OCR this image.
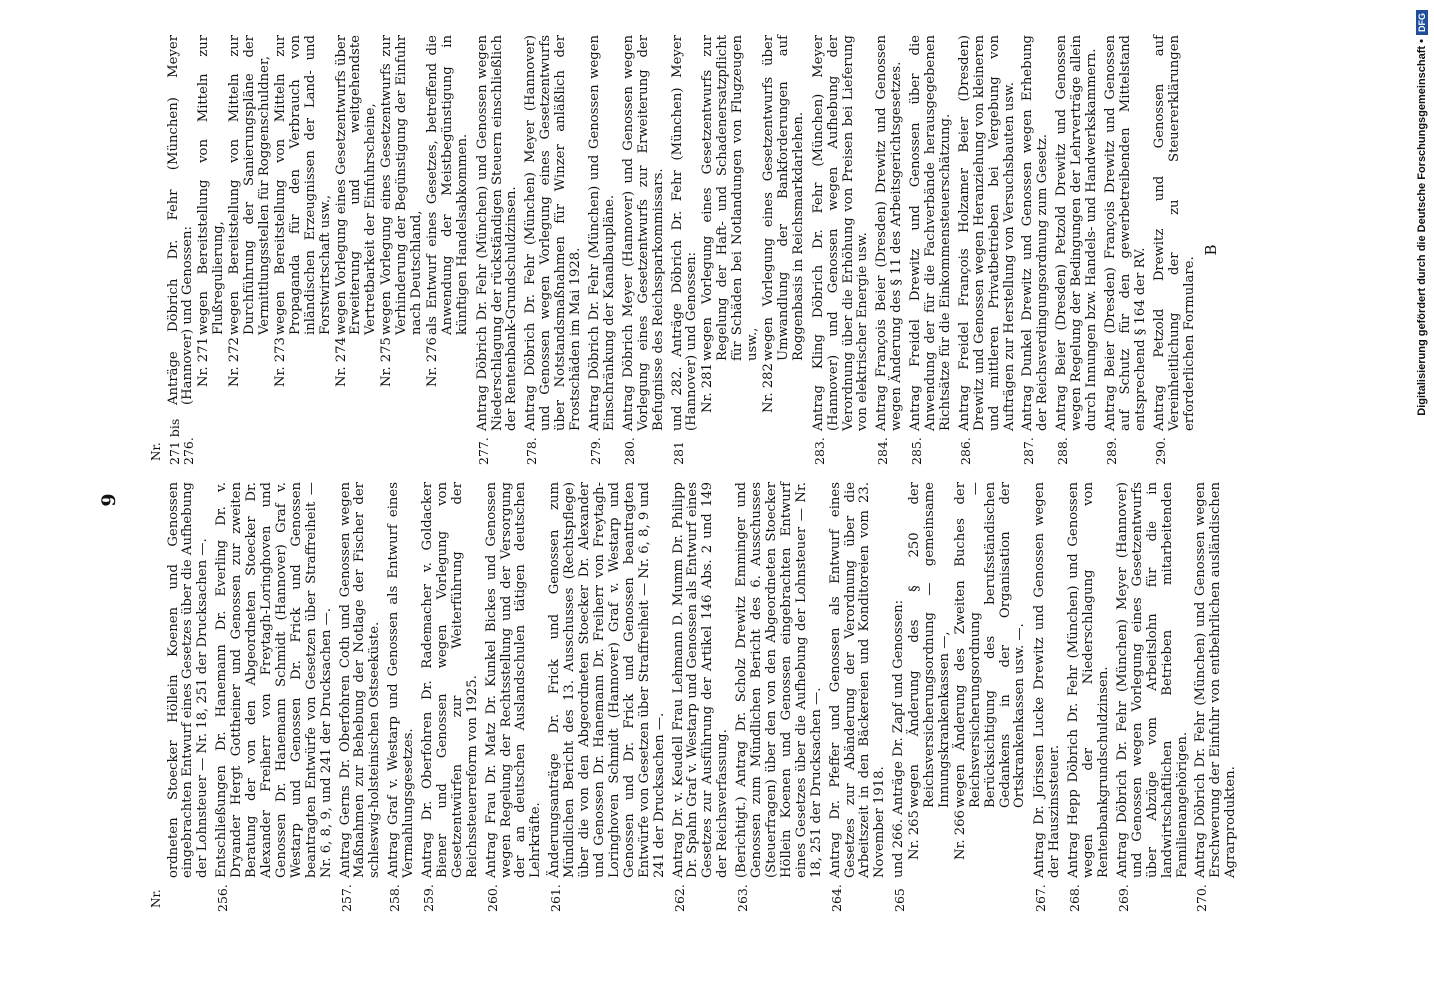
9
Nr.
ordneten Stoecker Höllein Koenen und Genossen eingebrachten Entwurf eines Gesetzes über die Aufhebung der Lohnsteuer — Nr. 18, 251 der Drucksachen —.
256.
Entschließungen Dr. Hanemann Dr. Everling Dr. v. Dryander Hergt Gottheiner und Genossen zur zweiten Beratung der von den Abgeordneten Stoecker Dr. Alexander Freiherr von Freytagh-Loringhoven und Genossen Dr. Hanemann Schmidt (Hannover) Graf v. Westarp und Genossen Dr. Frick und Genossen beantragten Entwürfe von Gesetzen über Straffreiheit — Nr. 6, 8, 9, und 241 der Drucksachen —.
257.
Antrag Gerns Dr. Oberfohren Coth und Genossen wegen Maßnahmen zur Behebung der Notlage der Fischer der schleswig-holsteinischen Ostseeküste.
258.
Antrag Graf v. Westarp und Genossen als Entwurf eines Vermahlungsgesetzes.
259.
Antrag Dr. Oberfohren Dr. Rademacher v. Goldacker Biener und Genossen wegen Vorlegung von Gesetzentwürfen zur Weiterführung der Reichssteuerreform von 1925.
260.
Antrag Frau Dr. Matz Dr. Kunkel Bickes und Genossen wegen Regelung der Rechtsstellung und der Versorgung der an deutschen Auslandschulen tätigen deutschen Lehrkräfte.
261.
Änderungsanträge Dr. Frick und Genossen zum Mündlichen Bericht des 13. Ausschusses (Rechtspflege) über die von den Abgeordneten Stoecker Dr. Alexander und Genossen Dr. Hanemann Dr. Freiherr von Freytagh-Loringhoven Schmidt (Hannover) Graf v. Westarp und Genossen und Dr. Frick und Genossen beantragten Entwürfe von Gesetzen über Straffreiheit — Nr. 6, 8, 9 und 241 der Drucksachen —.
262.
Antrag Dr. v. Keudell Frau Lehmann D. Mumm Dr. Philipp Dr. Spahn Graf v. Westarp und Genossen als Entwurf eines Gesetzes zur Ausführung der Artikel 146 Abs. 2 und 149 der Reichsverfassung.
263.
(Berichtigt.) Antrag Dr. Scholz Drewitz Emminger und Genossen zum Mündlichen Bericht des 6. Ausschusses (Steuerfragen) über den von den Abgeordneten Stoecker Höllein Koenen und Genossen eingebrachten Entwurf eines Gesetzes über die Aufhebung der Lohnsteuer — Nr. 18, 251 der Drucksachen —.
264.
Antrag Dr. Pfeffer und Genossen als Entwurf eines Gesetzes zur Abänderung der Verordnung über die Arbeitszeit in den Bäckereien und Konditoreien vom 23. November 1918.
265
und 266. Anträge Dr. Zapf und Genossen: Nr. 265
wegen Änderung des § 250 der Reichsversicherungsordnung — gemeinsame Innungskrankenkassen —,
Nr. 266
wegen Änderung des Zweiten Buches der Reichsversicherungsordnung — Berücksichtigung des berufsständischen Gedankens in der Organisation der Ortskrankenkassen usw. —.
267.
Antrag Dr. Jörissen Lucke Drewitz und Genossen wegen der Hauszinssteuer.
268.
Antrag Hepp Döbrich Dr. Fehr (München) und Genossen wegen der Niederschlagung von Rentenbankgrundschuldzinsen.
269.
Antrag Döbrich Dr. Fehr (München) Meyer (Hannover) und Genossen wegen Vorlegung eines Gesetzentwurfs über Abzüge vom Arbeitslohn für die in landwirtschaftlichen Betrieben mitarbeitenden Familienangehörigen.
270.
Antrag Döbrich Dr. Fehr (München) und Genossen wegen Erschwerung der Einfuhr von entbehrlichen ausländischen Agrarprodukten.
Nr. 271 bis 276.
Anträge Döbrich Dr. Fehr (München) Meyer (Hannover) und Genossen: Nr. 271
wegen Bereitstellung von Mitteln zur Flußregulierung,
Nr. 272
wegen Bereitstellung von Mitteln zur Durchführung der Sanierungspläne der Vermittlungsstellen für Roggenschuldner,
Nr. 273
wegen Bereitstellung von Mitteln zur Propaganda für den Verbrauch von inländischen Erzeugnissen der Land- und Forstwirtschaft usw.,
Nr. 274
wegen Vorlegung eines Gesetzentwurfs über Erweiterung und weitgehendste Vertretbarkeit der Einfuhrscheine,
Nr. 275
wegen Vorlegung eines Gesetzentwurfs zur Verhinderung der Begünstigung der Einfuhr nach Deutschland,
Nr. 276
als Entwurf eines Gesetzes, betreffend die Anwendung der Meistbegünstigung in künftigen Handelsabkommen.
277.
Antrag Döbrich Dr. Fehr (München) und Genossen wegen Niederschlagung der rückständigen Steuern einschließlich der Rentenbank-Grundschuldzinsen.
278.
Antrag Döbrich Dr. Fehr (München) Meyer (Hannover) und Genossen wegen Vorlegung eines Gesetzentwurfs über Notstandsmaßnahmen für Winzer anläßlich der Frostschäden im Mai 1928.
279.
Antrag Döbrich Dr. Fehr (München) und Genossen wegen Einschränkung der Kanalbaupläne.
280.
Antrag Döbrich Meyer (Hannover) und Genossen wegen Vorlegung eines Gesetzentwurfs zur Erweiterung der Befugnisse des Reichssparkommissars.
281
und 282. Anträge Döbrich Dr. Fehr (München) Meyer (Hannover) und Genossen: Nr. 281
wegen Vorlegung eines Gesetzentwurfs zur Regelung der Haft- und Schadenersatzpflicht für Schäden bei Notlandungen von Flugzeugen usw.,
Nr. 282
wegen Vorlegung eines Gesetzentwurfs über Umwandlung der Bankforderungen auf Roggenbasis in Reichsmarkdarlehen.
283.
Antrag Kling Döbrich Dr. Fehr (München) Meyer (Hannover) und Genossen wegen Aufhebung der Verordnung über die Erhöhung von Preisen bei Lieferung von elektrischer Energie usw.
284.
Antrag François Beier (Dresden) Drewitz und Genossen wegen Änderung des § 11 des Arbeitsgerichtsgesetzes.
285.
Antrag Freidel Drewitz und Genossen über die Anwendung der für die Fachverbände herausgegebenen Richtsätze für die Einkommensteuerschätzung.
286.
Antrag Freidel François Holzamer Beier (Dresden) Drewitz und Genossen wegen Heranziehung von kleineren und mittleren Privatbetrieben bei Vergebung von Aufträgen zur Herstellung von Versuchsbauten usw.
287.
Antrag Dunkel Drewitz und Genossen wegen Erhebung der Reichsverdingungsordnung zum Gesetz.
288.
Antrag Beier (Dresden) Petzold Drewitz und Genossen wegen Regelung der Bedingungen der Lehrverträge allein durch Innungen bzw. Handels- und Handwerkskammern.
289.
Antrag Beier (Dresden) François Drewitz und Genossen auf Schutz für den gewerbetreibenden Mittelstand entsprechend § 164 der RV.
290.
Antrag Petzold Drewitz und Genossen auf Vereinheitlichung der zu Steuererklärungen erforderlichen Formulare.
B	Digitalisierung gefördert durch die Deutsche Forschungsgemeinschaft •
DFG
